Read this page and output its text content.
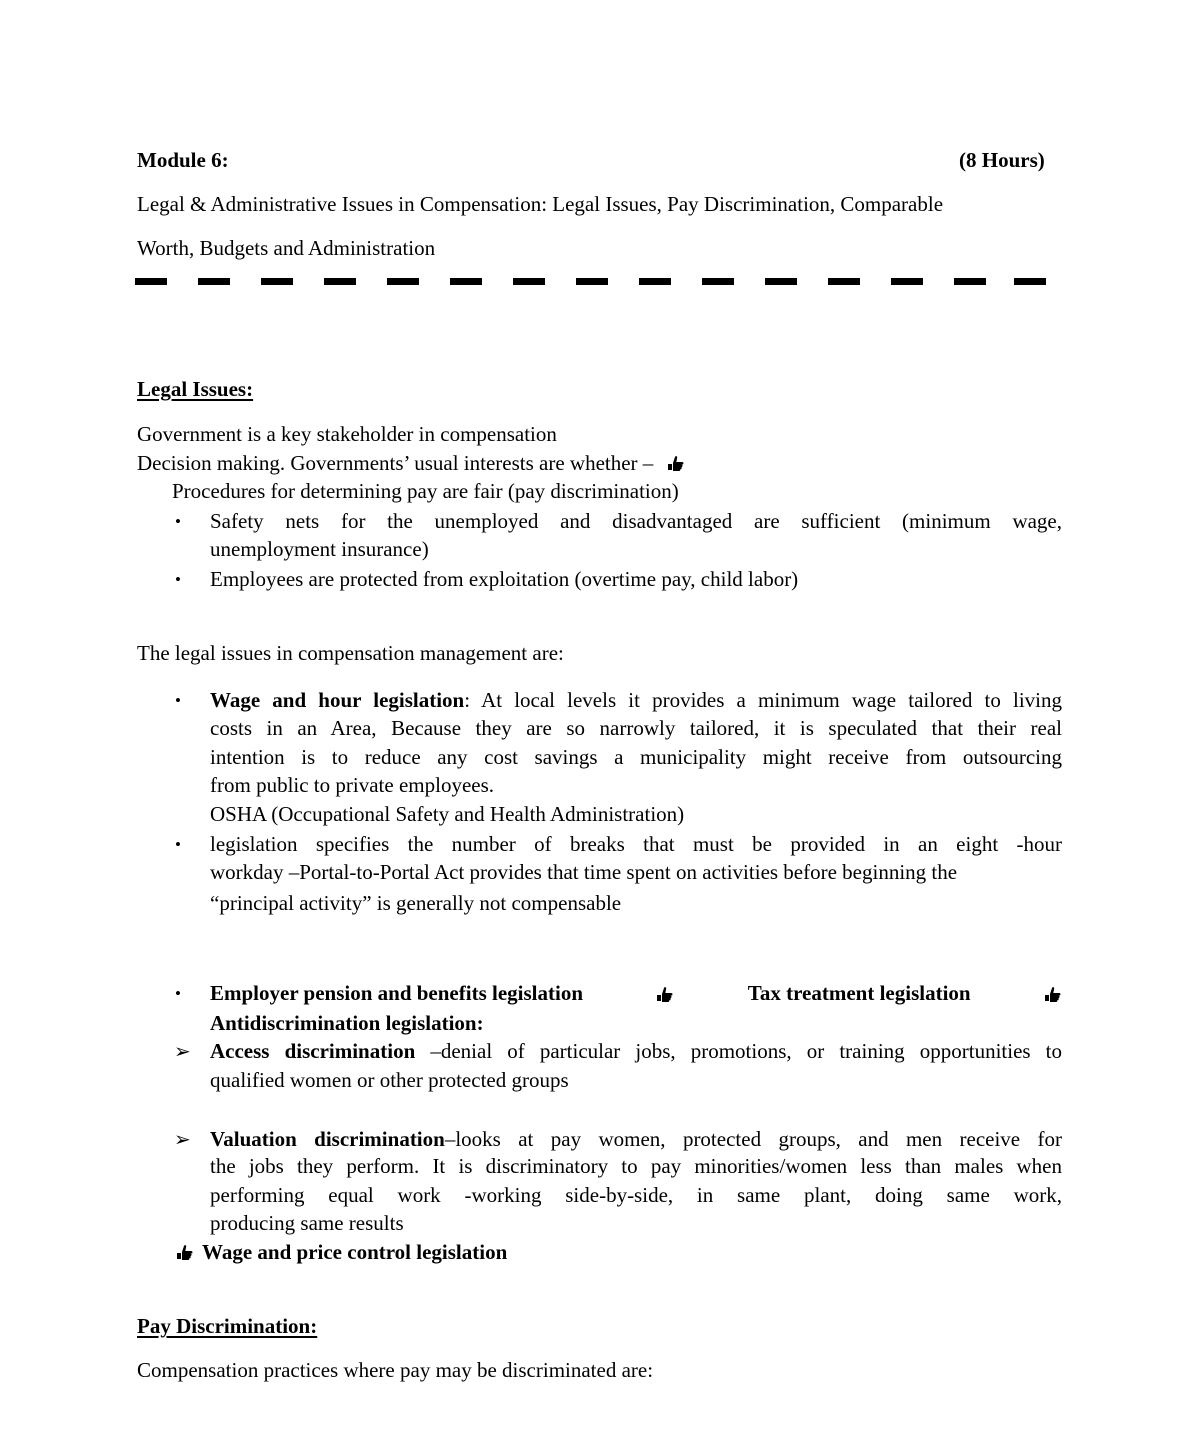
Module 6:	(8 Hours)
Legal & Administrative Issues in Compensation: Legal Issues, Pay Discrimination, Comparable
Worth, Budgets and Administration
Legal Issues:
Government is a key stakeholder in compensation
Decision making. Governments’ usual interests are whether –
Procedures for determining pay are fair (pay discrimination)
• Safety nets for the unemployed and disadvantaged are sufficient (minimum wage,
unemployment insurance)
• Employees are protected from exploitation (overtime pay, child labor)
The legal issues in compensation management are:
• Wage and hour legislation: At local levels it provides a minimum wage tailored to living
costs in an Area, Because they are so narrowly tailored, it is speculated that their real
intention is to reduce any cost savings a municipality might receive from outsourcing
from public to private employees.
OSHA (Occupational Safety and Health Administration)
• legislation specifies the number of breaks that must be provided in an eight -hour
workday –Portal-to-Portal Act provides that time spent on activities before beginning the
“principal activity” is generally not compensable
• Employer pension and benefits legislation	Tax treatment legislation
Antidiscrimination legislation:
➢ Access discrimination –denial of particular jobs, promotions, or training opportunities to
qualified women or other protected groups
➢ Valuation discrimination–looks at pay women, protected groups, and men receive for
the jobs they perform. It is discriminatory to pay minorities/women less than males when
performing equal work -working side-by-side, in same plant, doing same work,
producing same results
Wage and price control legislation
Pay Discrimination:
Compensation practices where pay may be discriminated are:
